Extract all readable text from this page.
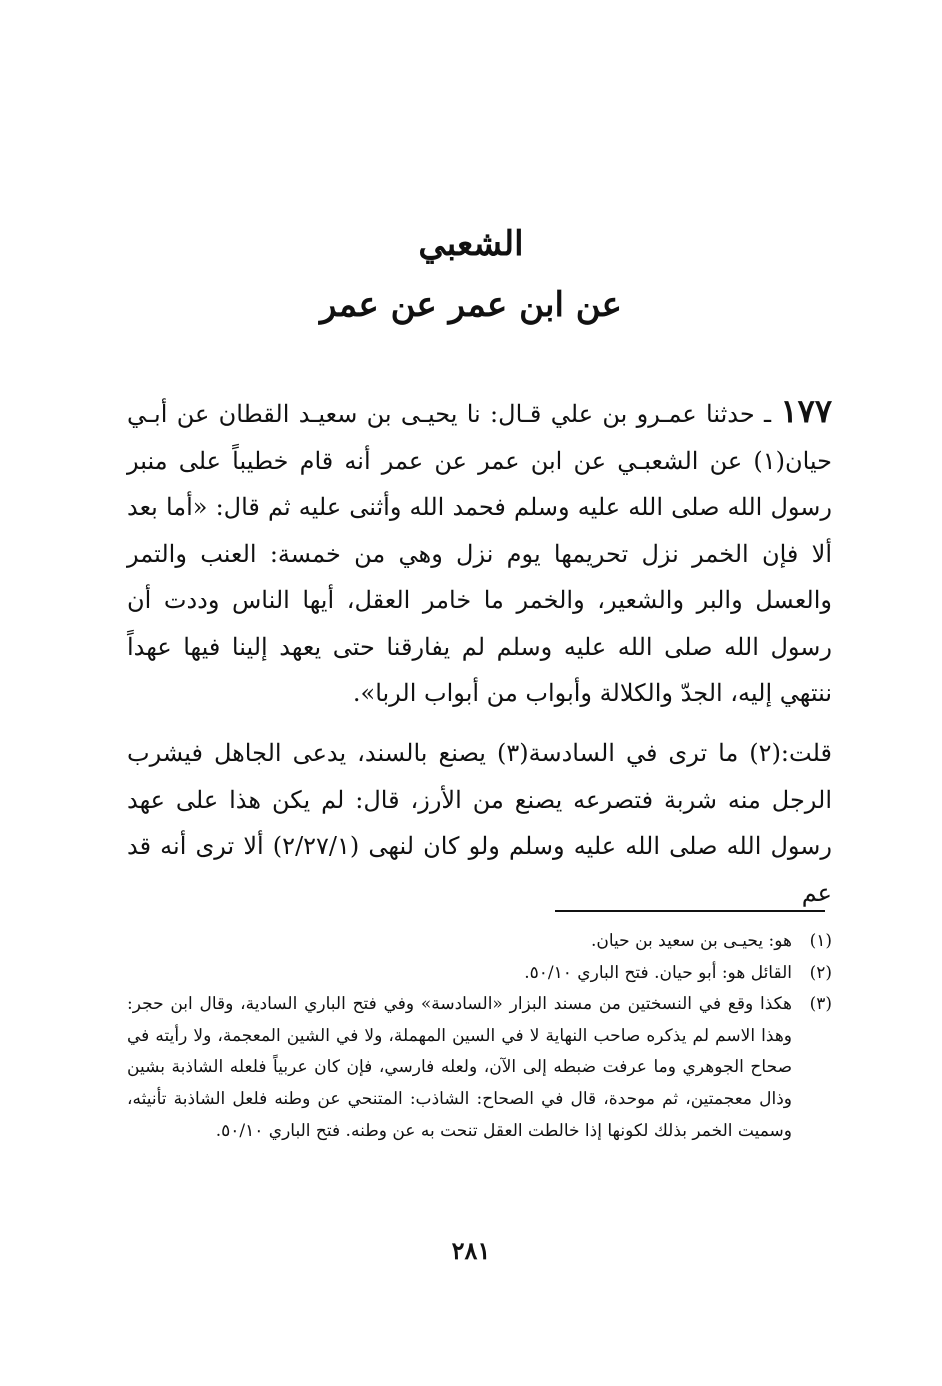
الشعبي
عن ابن عمر عن عمر
١٧٧ ـ حدثنا عمـرو بن علي قـال: نا يحيـى بن سعيـد القطان عن أبـي حيان(١) عن الشعبـي عن ابن عمر عن عمر أنه قام خطيباً على منبر رسول الله صلى الله عليه وسلم فحمد الله وأثنى عليه ثم قال: «أما بعد ألا فإن الخمر نزل تحريمها يوم نزل وهي من خمسة: العنب والتمر والعسل والبر والشعير، والخمر ما خامر العقل، أيها الناس وددت أن رسول الله صلى الله عليه وسلم لم يفارقنا حتى يعهد إلينا فيها عهداً ننتهي إليه، الجدّ والكلالة وأبواب من أبواب الربا».
قلت:(٢) ما ترى في السادسة(٣) يصنع بالسند، يدعى الجاهل فيشرب الرجل منه شربة فتصرعه يصنع من الأرز، قال: لم يكن هذا على عهد رسول الله صلى الله عليه وسلم ولو كان لنهى (٢/٢٧/١) ألا ترى أنه قد عم
(١)
هو: يحيـى بن سعيد بن حيان.
(٢)
القائل هو: أبو حيان. فتح الباري ٥٠/١٠.
(٣)
هكذا وقع في النسختين من مسند البزار «السادسة» وفي فتح الباري السادية، وقال ابن حجر: وهذا الاسم لم يذكره صاحب النهاية لا في السين المهملة، ولا في الشين المعجمة، ولا رأيته في صحاح الجوهري وما عرفت ضبطه إلى الآن، ولعله فارسي، فإن كان عربياً فلعله الشاذبة بشين وذال معجمتين، ثم موحدة، قال في الصحاح: الشاذب: المتنحي عن وطنه فلعل الشاذبة تأنيثه، وسميت الخمر بذلك لكونها إذا خالطت العقل تنحت به عن وطنه. فتح الباري ٥٠/١٠.
٢٨١
